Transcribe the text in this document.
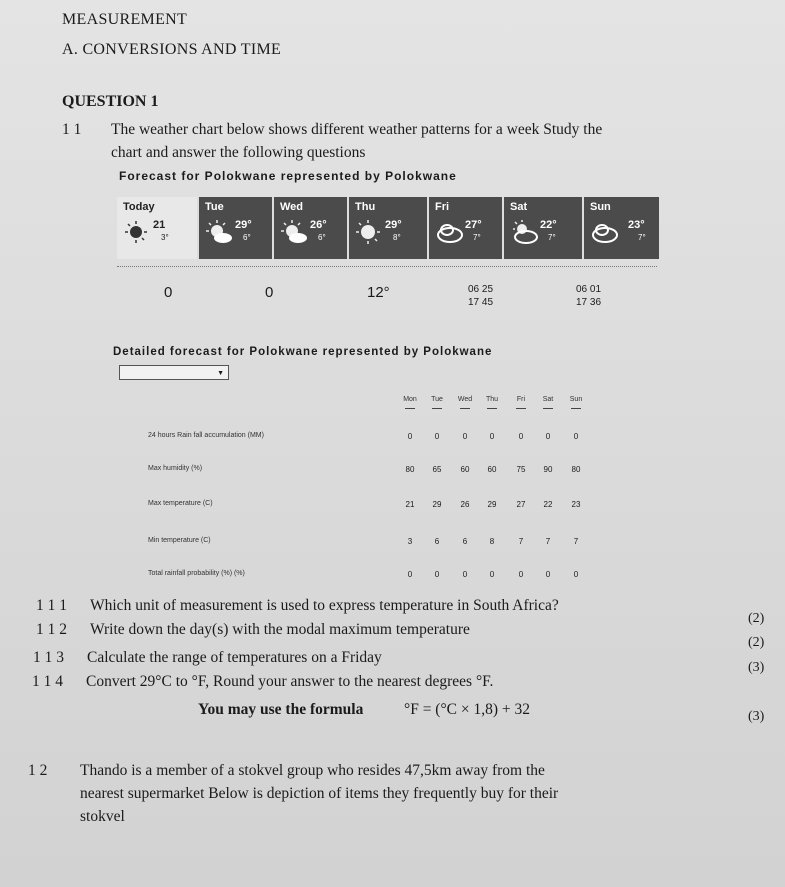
MEASUREMENT
A. CONVERSIONS AND TIME
QUESTION 1
1 1 The weather chart below shows different weather patterns for a week Study the
chart and answer the following questions
Forecast for Polokwane represented by Polokwane
Today
21
3°
Tue
29°
6°
Wed
26°
6°
Thu
29°
8°
Fri
27°
7°
Sat
22°
7°
Sun
23°
7°
0	0	12°	06 25
17 45
06 01
17 36
Detailed forecast for Polokwane represented by Polokwane
▼
Mon	Tue	Wed	Thu	Fri	Sat	Sun
24 hours Rain fall accumulation (MM)	0	0	0	0	0	0	0
Max humidity (%)	80	65	60	60	75	90	80
Max temperature (C)	21	29	26	29	27	22	23
Min temperature (C)	3	6	6	8	7	7	7
Total rainfall probability (%) (%)	0	0	0	0	0	0	0
1 1 1 Which unit of measurement is used to express temperature in South Africa?
(2)
1 1 2 Write down the day(s) with the modal maximum temperature
(2)
1 1 3 Calculate the range of temperatures on a Friday
(3)
1 1 4 Convert 29°C to °F, Round your answer to the nearest degrees °F.
You may use the formula	°F = (°C × 1,8) + 32	(3)
1 2 Thando is a member of a stokvel group who resides 47,5km away from the
nearest supermarket Below is depiction of items they frequently buy for their
stokvel
